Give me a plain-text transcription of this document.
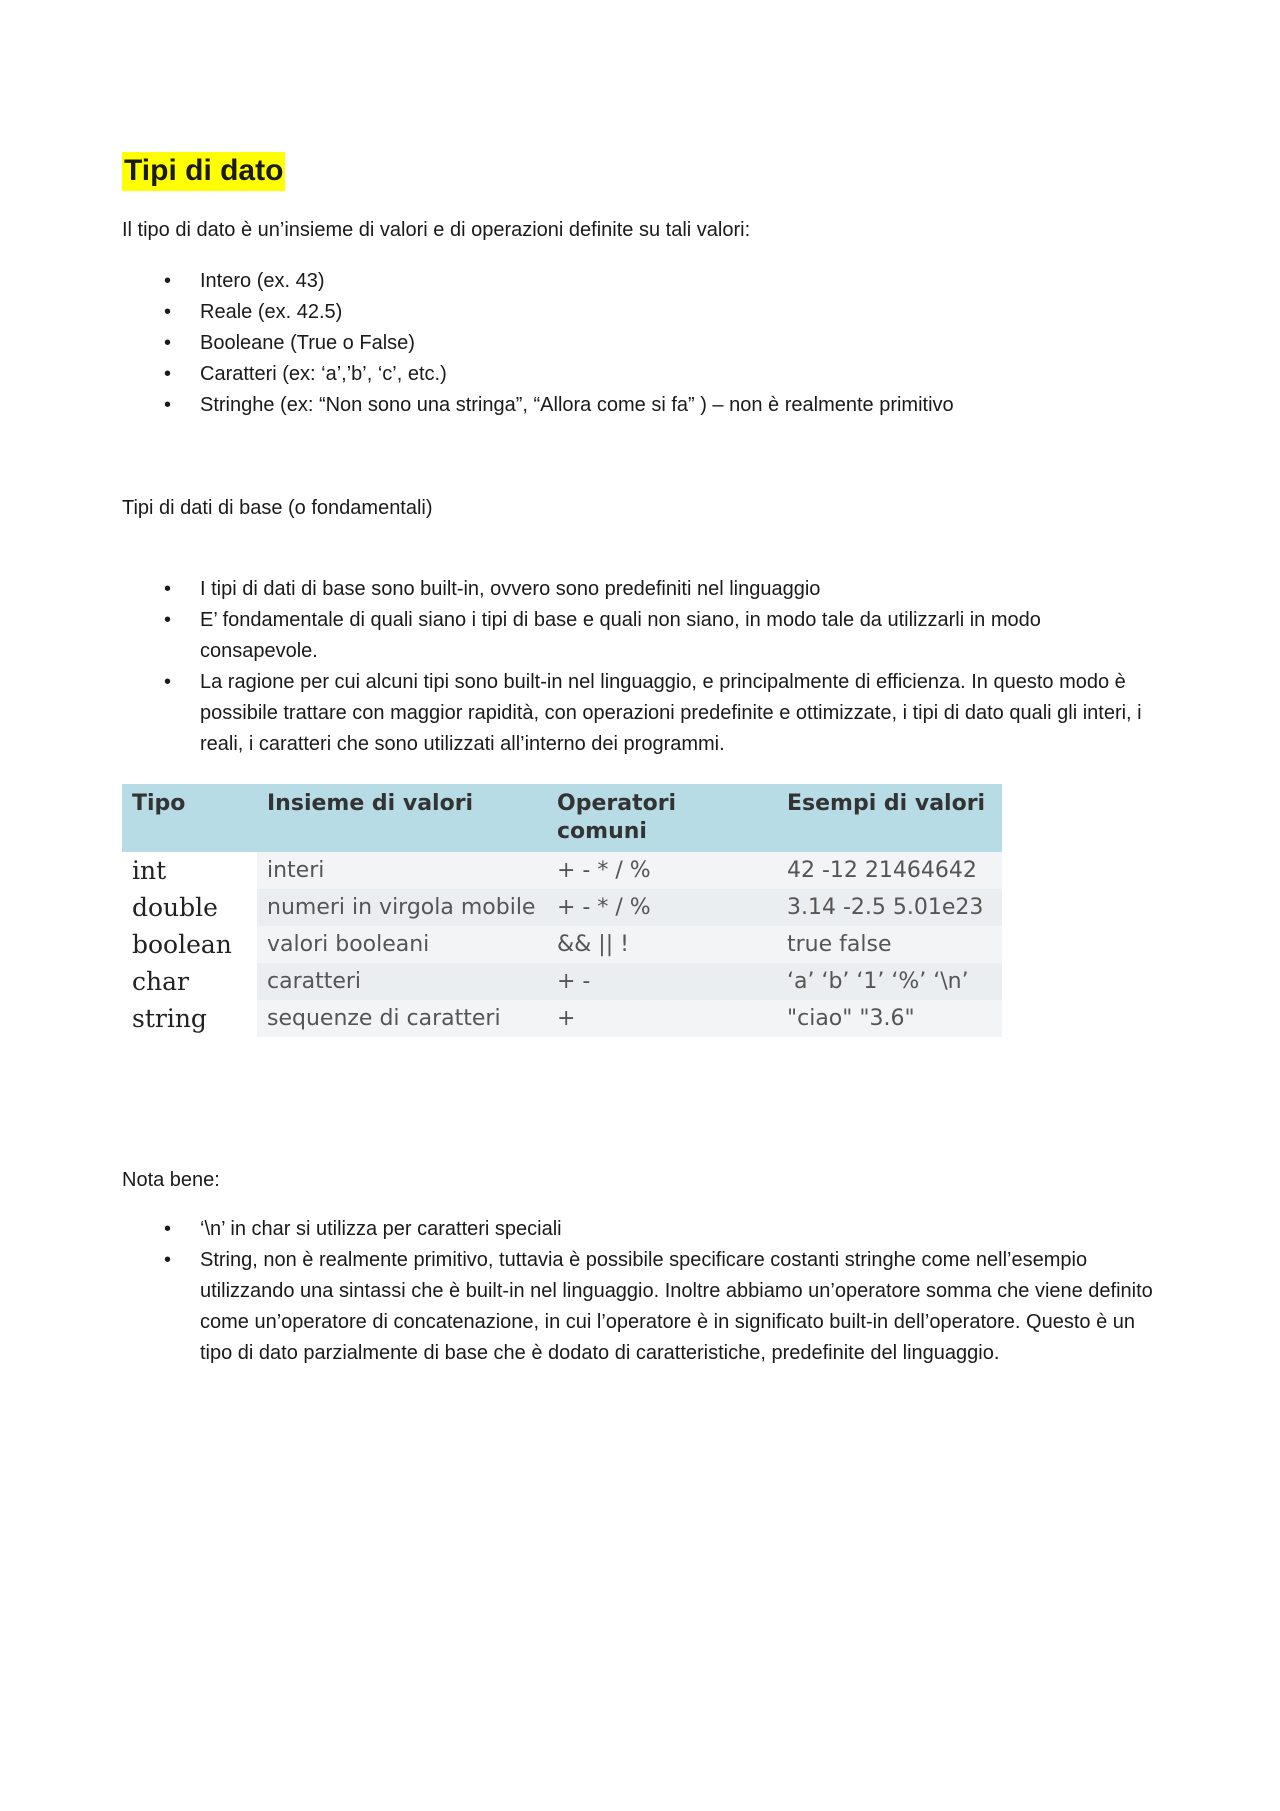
Tipi di dato

Il tipo di dato è un’insieme di valori e di operazioni definite su tali valori:

• Intero (ex. 43)
• Reale (ex. 42.5)
• Booleane (True o False)
• Caratteri (ex: ‘a’,’b’, ‘c’, etc.)
• Stringhe (ex: “Non sono una stringa”, “Allora come si fa” ) – non è realmente primitivo

Tipi di dati di base (o fondamentali)

• I tipi di dati di base sono built-in, ovvero sono predefiniti nel linguaggio
• E’ fondamentale di quali siano i tipi di base e quali non siano, in modo tale da utilizzarli in modo consapevole.
• La ragione per cui alcuni tipi sono built-in nel linguaggio, e principalmente di efficienza. In questo modo è possibile trattare con maggior rapidità, con operazioni predefinite e ottimizzate, i tipi di dato quali gli interi, i reali, i caratteri che sono utilizzati all’interno dei programmi.
Tipo	Insieme di valori	Operatori comuni	Esempi di valori
int	interi	+ - * / %	42 -12 21464642
double	numeri in virgola mobile	+ - * / %	3.14 -2.5 5.01e23
boolean	valori booleani	&& || !	true false
char	caratteri	+ -	‘a’ ‘b’ ‘1’ ‘%’ ‘\n’
string	sequenze di caratteri	+	"ciao" "3.6"

Nota bene:

• ‘\n’ in char si utilizza per caratteri speciali
• String, non è realmente primitivo, tuttavia è possibile specificare costanti stringhe come nell’esempio utilizzando una sintassi che è built-in nel linguaggio. Inoltre abbiamo un’operatore somma che viene definito come un’operatore di concatenazione, in cui l’operatore è in significato built-in dell’operatore. Questo è un tipo di dato parzialmente di base che è dodato di caratteristiche, predefinite del linguaggio.
